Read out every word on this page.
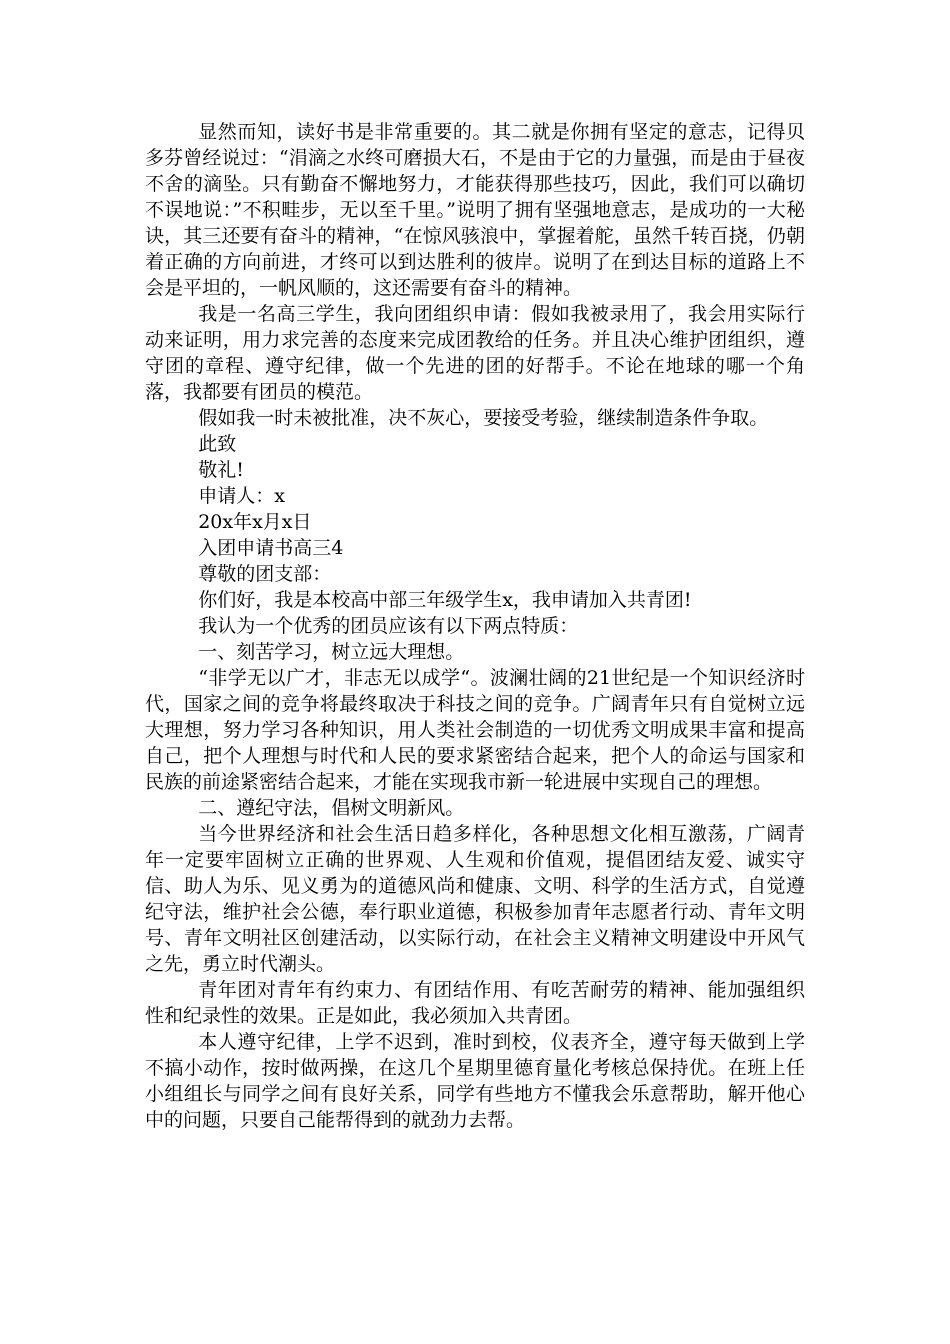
显然而知，读好书是非常重要的。其二就是你拥有坚定的意志，记得贝多芬曾经说过：“涓滴之水终可磨损大石，不是由于它的力量强，而是由于昼夜不舍的滴坠。只有勤奋不懈地努力，才能获得那些技巧，因此，我们可以确切不误地说：”不积畦步，无以至千里。”说明了拥有坚强地意志，是成功的一大秘诀，其三还要有奋斗的精神，“在惊风骇浪中，掌握着舵，虽然千转百挠，仍朝着正确的方向前进，才终可以到达胜利的彼岸。说明了在到达目标的道路上不会是平坦的，一帆风顺的，这还需要有奋斗的精神。

我是一名高三学生，我向团组织申请：假如我被录用了，我会用实际行动来证明，用力求完善的态度来完成团教给的任务。并且决心维护团组织，遵守团的章程、遵守纪律，做一个先进的团的好帮手。不论在地球的哪一个角落，我都要有团员的模范。

假如我一时未被批准，决不灰心，要接受考验，继续制造条件争取。

此致

敬礼!

申请人：x

20x年x月x日

入团申请书高三4

尊敬的团支部：

你们好，我是本校高中部三年级学生x，我申请加入共青团!

我认为一个优秀的团员应该有以下两点特质：

一、刻苦学习，树立远大理想。

“非学无以广才，非志无以成学“。波澜壮阔的21世纪是一个知识经济时代，国家之间的竞争将最终取决于科技之间的竞争。广阔青年只有自觉树立远大理想，努力学习各种知识，用人类社会制造的一切优秀文明成果丰富和提高自己，把个人理想与时代和人民的要求紧密结合起来，把个人的命运与国家和民族的前途紧密结合起来，才能在实现我市新一轮进展中实现自己的理想。

二、遵纪守法，倡树文明新风。

当今世界经济和社会生活日趋多样化，各种思想文化相互激荡，广阔青年一定要牢固树立正确的世界观、人生观和价值观，提倡团结友爱、诚实守信、助人为乐、见义勇为的道德风尚和健康、文明、科学的生活方式，自觉遵纪守法，维护社会公德，奉行职业道德，积极参加青年志愿者行动、青年文明号、青年文明社区创建活动，以实际行动，在社会主义精神文明建设中开风气之先，勇立时代潮头。

青年团对青年有约束力、有团结作用、有吃苦耐劳的精神、能加强组织性和纪录性的效果。正是如此，我必须加入共青团。

本人遵守纪律，上学不迟到，准时到校，仪表齐全，遵守每天做到上学不搞小动作，按时做两操，在这几个星期里德育量化考核总保持优。在班上任小组组长与同学之间有良好关系，同学有些地方不懂我会乐意帮助，解开他心中的问题，只要自己能帮得到的就劲力去帮。
